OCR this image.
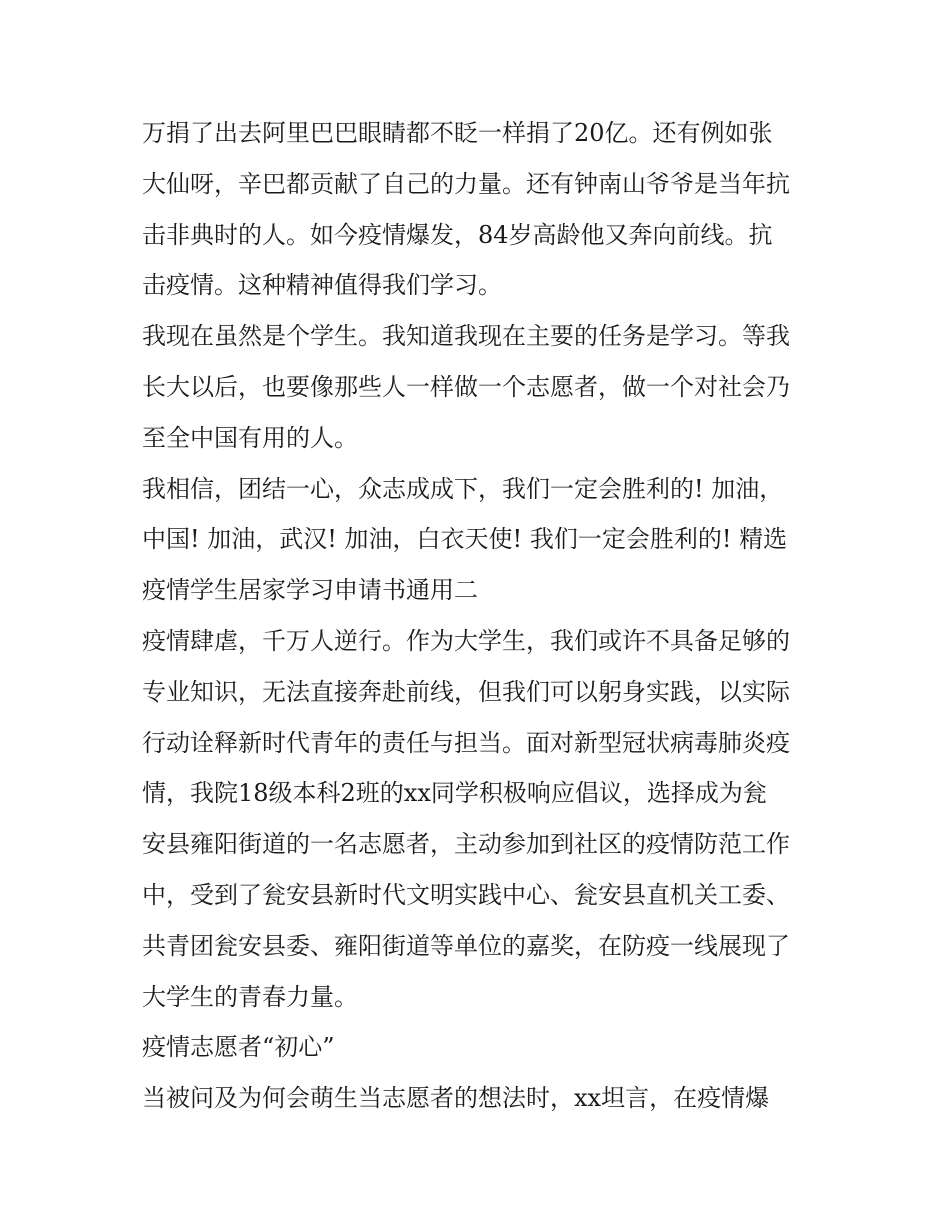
万捐了出去阿里巴巴眼睛都不眨一样捐了20亿。还有例如张
大仙呀，辛巴都贡献了自己的力量。还有钟南山爷爷是当年抗
击非典时的人。如今疫情爆发，84岁高龄他又奔向前线。抗
击疫情。这种精神值得我们学习。
我现在虽然是个学生。我知道我现在主要的任务是学习。等我
长大以后，也要像那些人一样做一个志愿者，做一个对社会乃
至全中国有用的人。
我相信，团结一心，众志成成下，我们一定会胜利的! 加油，
中国! 加油，武汉! 加油，白衣天使! 我们一定会胜利的! 精选
疫情学生居家学习申请书通用二
疫情肆虐，千万人逆行。作为大学生，我们或许不具备足够的
专业知识，无法直接奔赴前线，但我们可以躬身实践，以实际
行动诠释新时代青年的责任与担当。面对新型冠状病毒肺炎疫
情，我院18级本科2班的xx同学积极响应倡议，选择成为瓮
安县雍阳街道的一名志愿者，主动参加到社区的疫情防范工作
中，受到了瓮安县新时代文明实践中心、瓮安县直机关工委、
共青团瓮安县委、雍阳街道等单位的嘉奖，在防疫一线展现了
大学生的青春力量。
疫情志愿者“初心”
当被问及为何会萌生当志愿者的想法时，xx坦言，在疫情爆
